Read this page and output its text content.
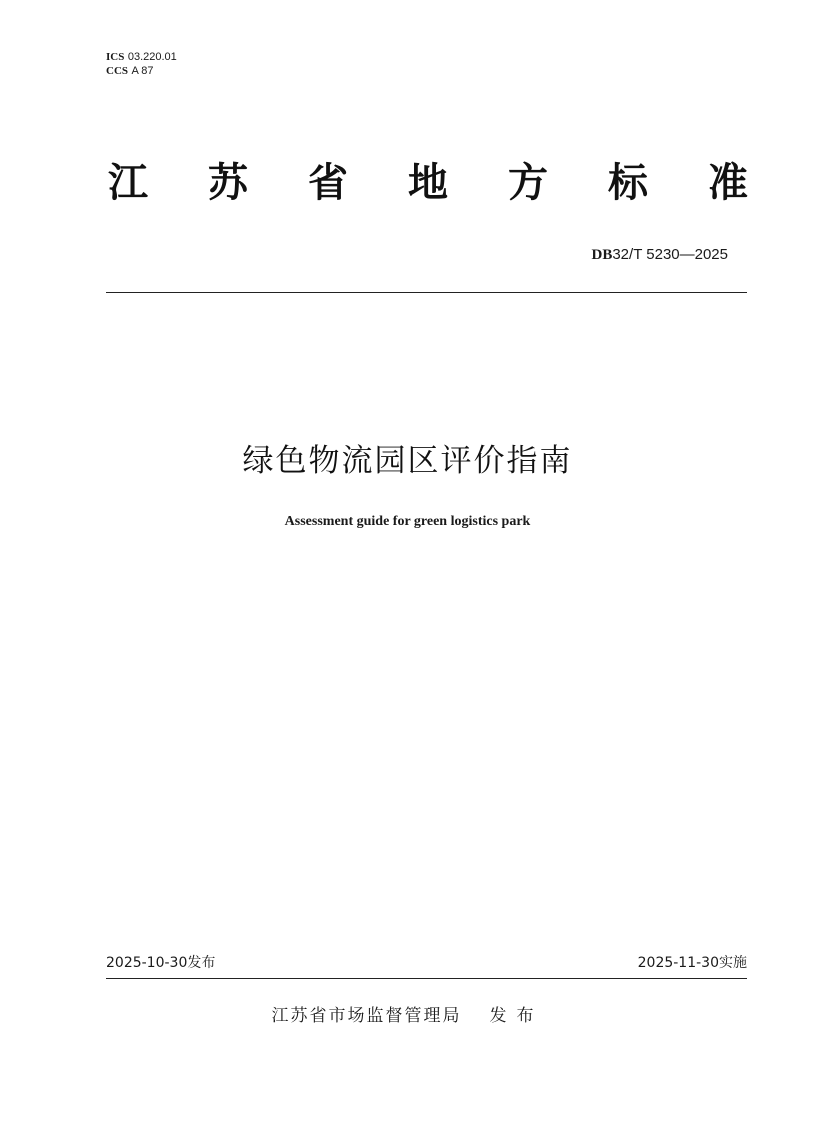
ICS 03.220.01
CCS A 87
江 苏 省 地 方 标 准
DB32/T 5230—2025
绿色物流园区评价指南
Assessment guide for green logistics park
2025-10-30发布	2025-11-30实施
江苏省市场监督管理局 发布
